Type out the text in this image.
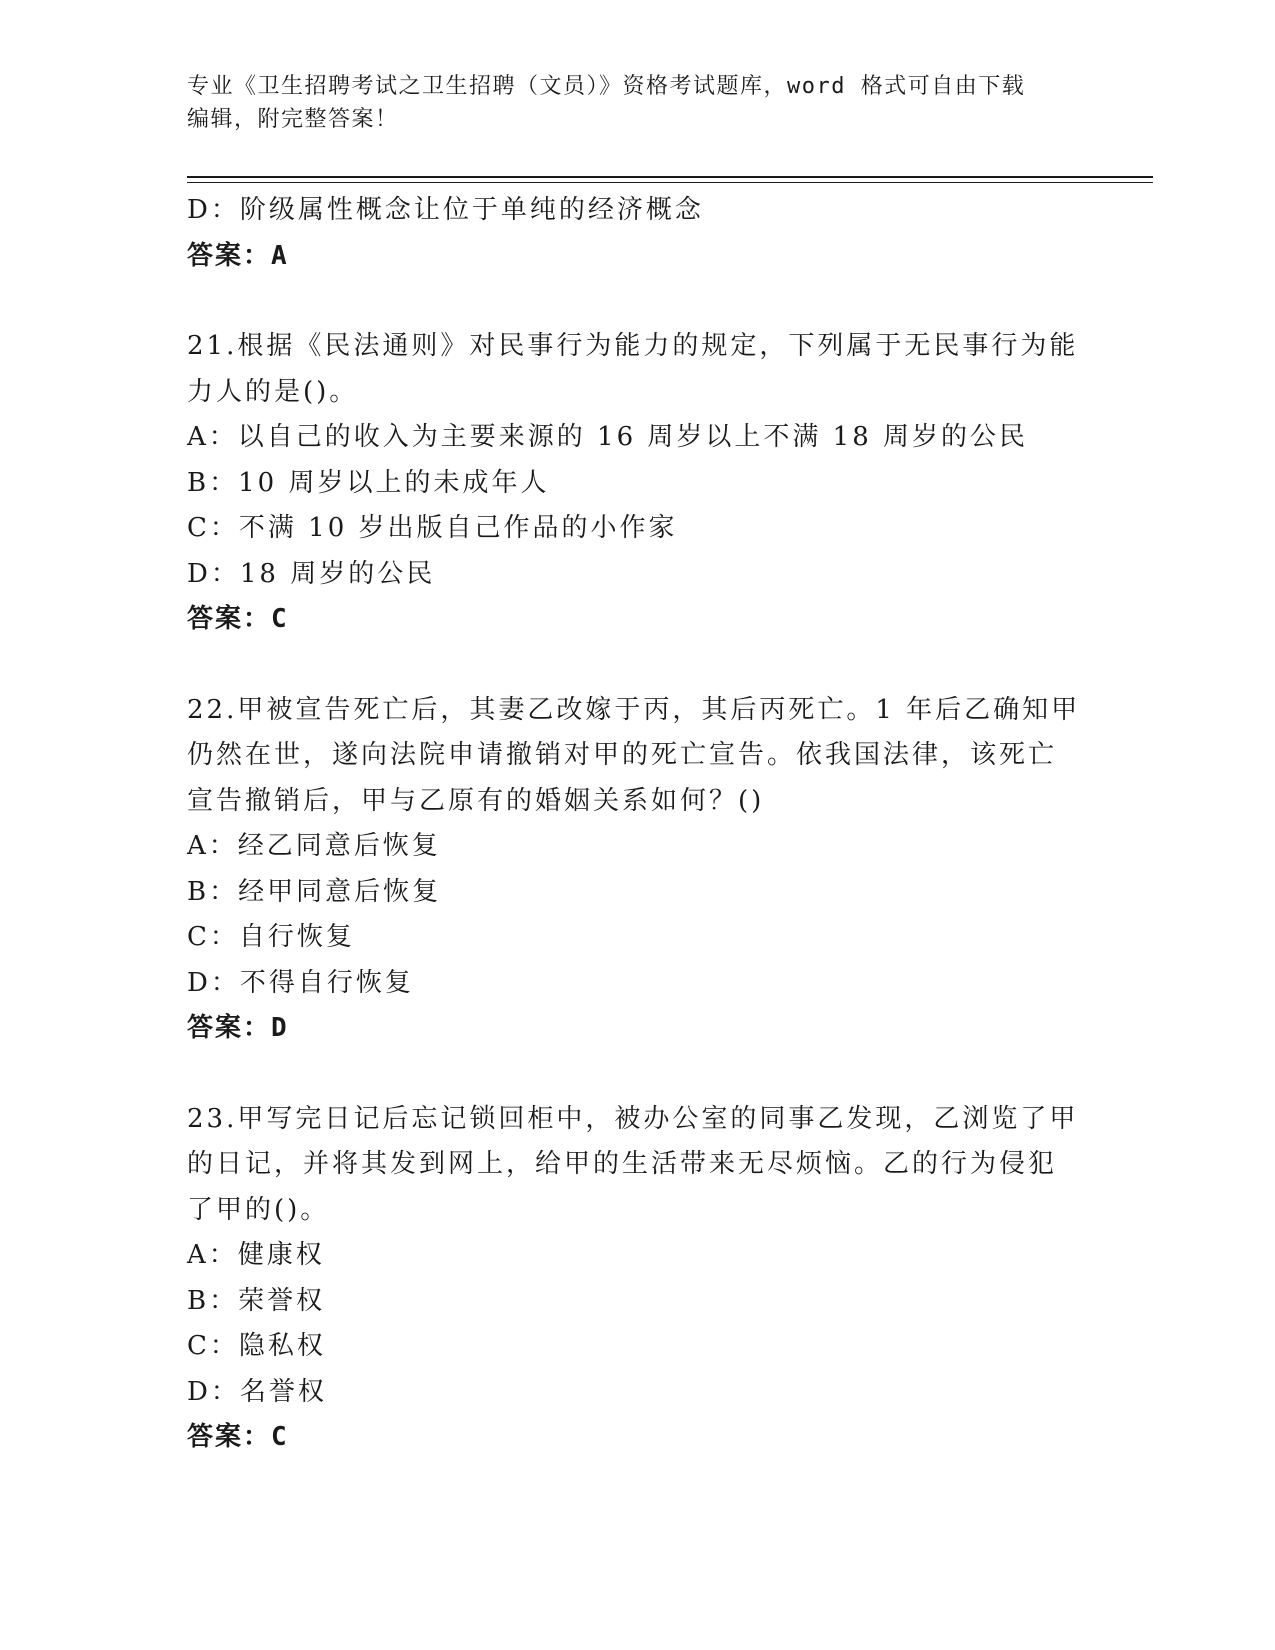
专业《卫生招聘考试之卫生招聘（文员）》资格考试题库，word 格式可自由下载
编辑，附完整答案！
D：阶级属性概念让位于单纯的经济概念
答案：A
21.根据《民法通则》对民事行为能力的规定，下列属于无民事行为能
力人的是()。
A：以自己的收入为主要来源的 16 周岁以上不满 18 周岁的公民
B：10 周岁以上的未成年人
C：不满 10 岁出版自己作品的小作家
D：18 周岁的公民
答案：C
22.甲被宣告死亡后，其妻乙改嫁于丙，其后丙死亡。1 年后乙确知甲
仍然在世，遂向法院申请撤销对甲的死亡宣告。依我国法律，该死亡
宣告撤销后，甲与乙原有的婚姻关系如何？()
A：经乙同意后恢复
B：经甲同意后恢复
C：自行恢复
D：不得自行恢复
答案：D
23.甲写完日记后忘记锁回柜中，被办公室的同事乙发现，乙浏览了甲
的日记，并将其发到网上，给甲的生活带来无尽烦恼。乙的行为侵犯
了甲的()。
A：健康权
B：荣誉权
C：隐私权
D：名誉权
答案：C
